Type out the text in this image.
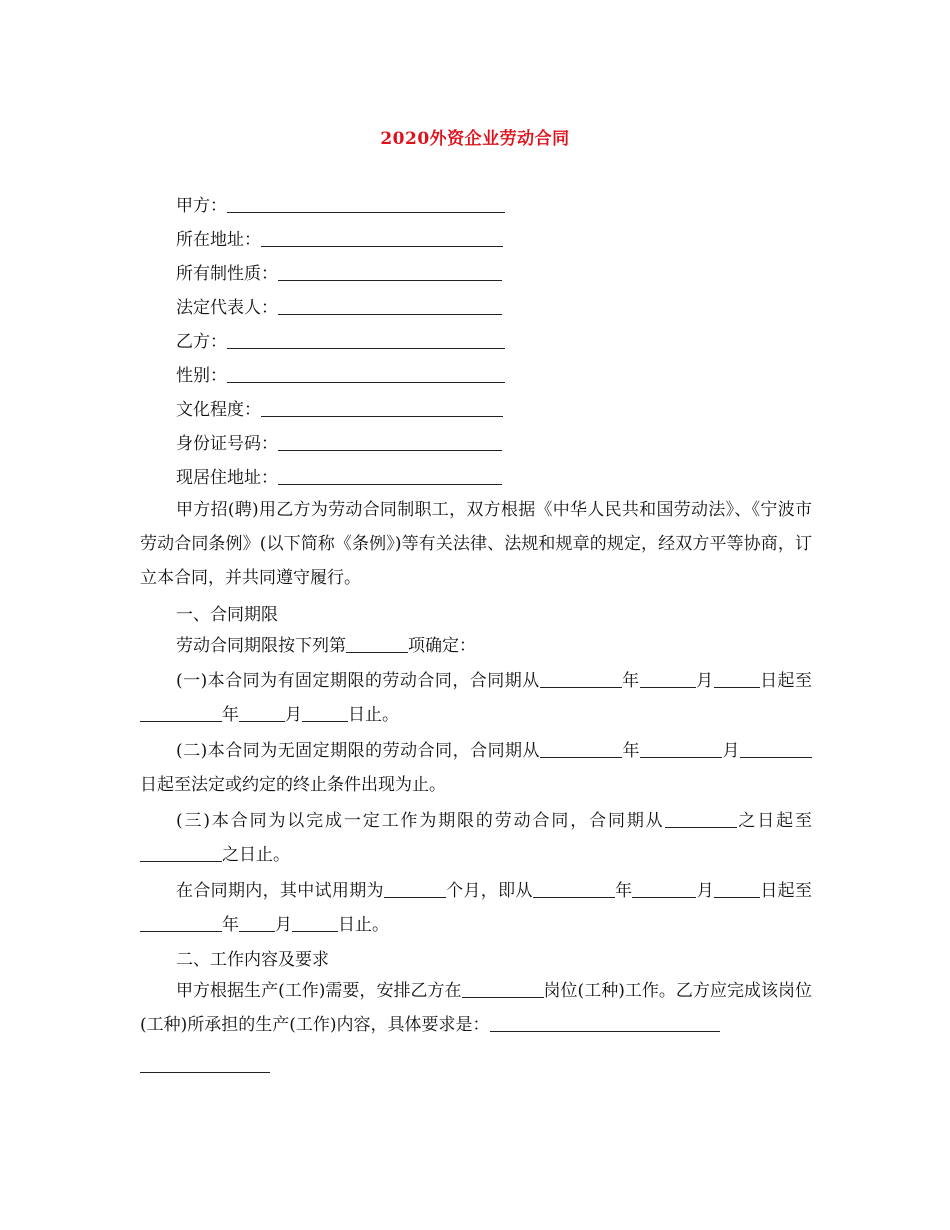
2020外资企业劳动合同
甲方：
所在地址：
所有制性质：
法定代表人：
乙方：
性别：
文化程度：
身份证号码：
现居住地址：
甲方招(聘)用乙方为劳动合同制职工，双方根据《中华人民共和国劳动法》、《宁波市劳动合同条例》(以下简称《条例》)等有关法律、法规和规章的规定，经双方平等协商，订立本合同，并共同遵守履行。
一、合同期限
劳动合同期限按下列第	项确定：
(一)本合同为有固定期限的劳动合同，合同期从	年	月	日起至年	月	日止。
(二)本合同为无固定期限的劳动合同，合同期从	年	月日起至法定或约定的终止条件出现为止。
(三)本合同为以完成一定工作为期限的劳动合同，合同期从	之日起至之日止。
在合同期内，其中试用期为	个月，即从	年	月	日起至年 月	日止。
二、工作内容及要求
甲方根据生产(工作)需要，安排乙方在	岗位(工种)工作。乙方应完成该岗位(工种)所承担的生产(工作)内容，具体要求是：
